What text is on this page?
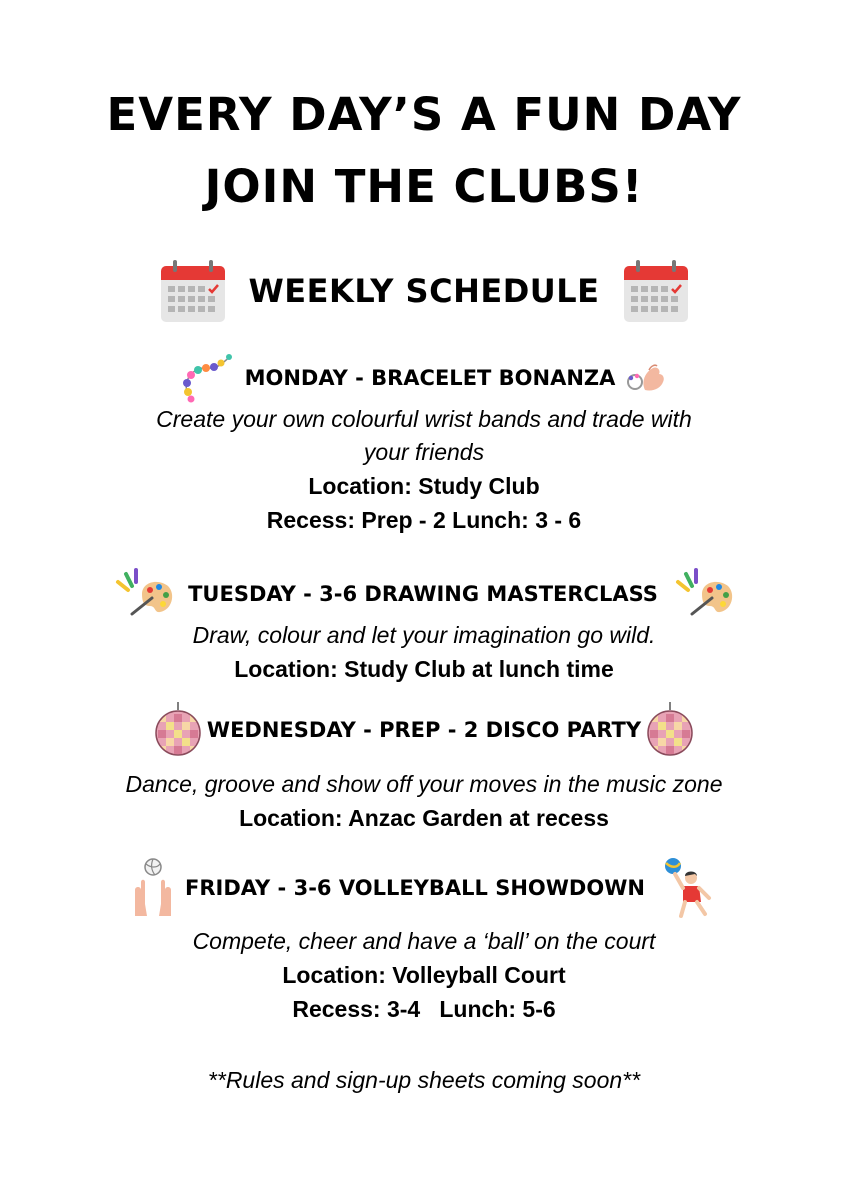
EVERY DAY’S A FUN DAY
JOIN THE CLUBS!
WEEKLY SCHEDULE
MONDAY - BRACELET BONANZA
Create your own colourful wrist bands and trade with
your friends
Location: Study Club
Recess: Prep - 2 Lunch: 3 - 6
TUESDAY - 3-6 DRAWING MASTERCLASS
Draw, colour and let your imagination go wild.
Location: Study Club at lunch time
WEDNESDAY - PREP - 2 DISCO PARTY
Dance, groove and show off your moves in the music zone
Location: Anzac Garden at recess
FRIDAY - 3-6 VOLLEYBALL SHOWDOWN
Compete, cheer and have a ‘ball’ on the court
Location: Volleyball Court
Recess: 3-4   Lunch: 5-6
**Rules and sign-up sheets coming soon**
